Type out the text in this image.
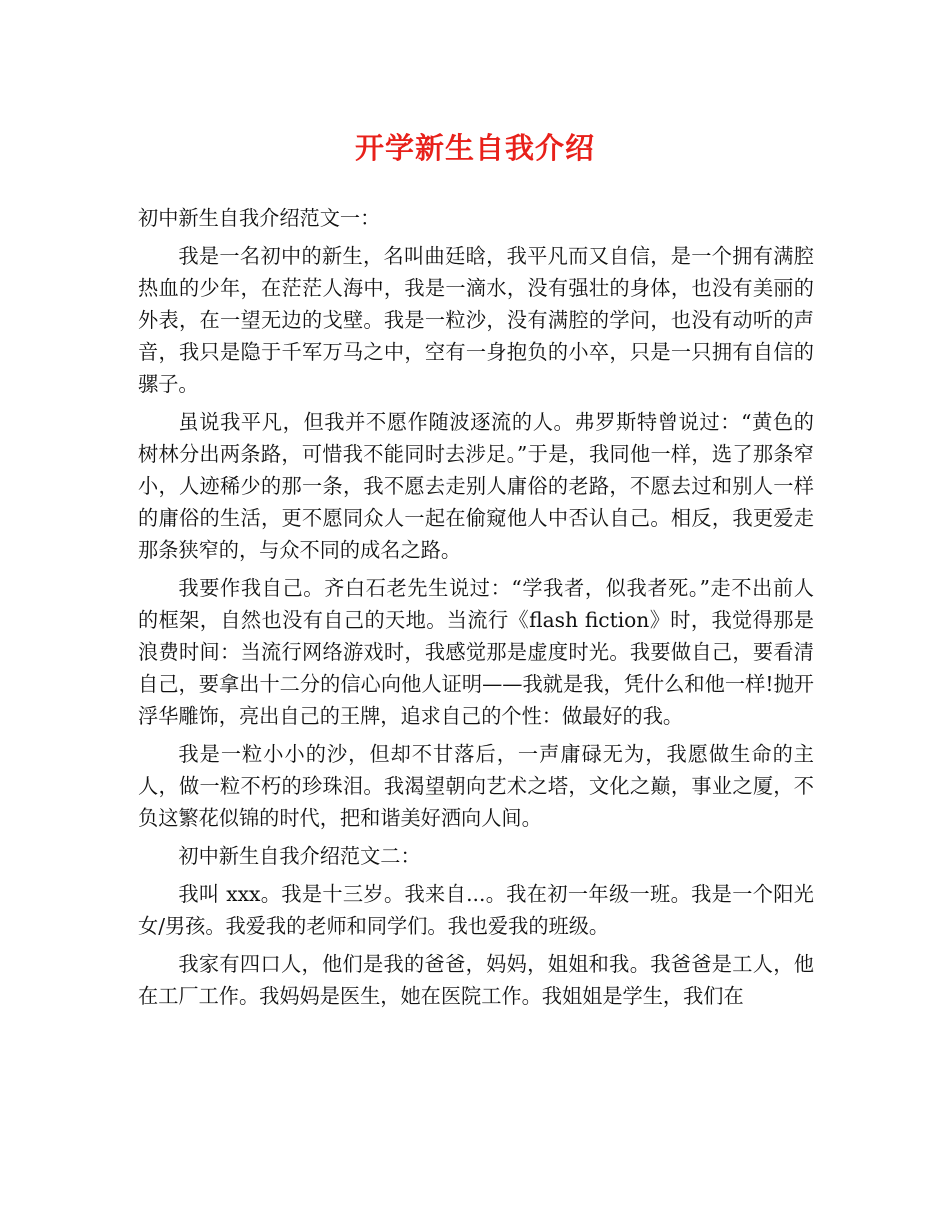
开学新生自我介绍

初中新生自我介绍范文一：

我是一名初中的新生，名叫曲廷晗，我平凡而又自信，是一个拥有满腔热血的少年，在茫茫人海中，我是一滴水，没有强壮的身体，也没有美丽的外表，在一望无边的戈壁。我是一粒沙，没有满腔的学问，也没有动听的声音，我只是隐于千军万马之中，空有一身抱负的小卒，只是一只拥有自信的骡子。

虽说我平凡，但我并不愿作随波逐流的人。弗罗斯特曾说过：“黄色的树林分出两条路，可惜我不能同时去涉足。”于是，我同他一样，选了那条窄小，人迹稀少的那一条，我不愿去走别人庸俗的老路，不愿去过和别人一样的庸俗的生活，更不愿同众人一起在偷窥他人中否认自己。相反，我更爱走那条狭窄的，与众不同的成名之路。

我要作我自己。齐白石老先生说过：“学我者，似我者死。”走不出前人的框架，自然也没有自己的天地。当流行《flash fiction》时，我觉得那是浪费时间：当流行网络游戏时，我感觉那是虚度时光。我要做自己，要看清自己，要拿出十二分的信心向他人证明——我就是我，凭什么和他一样!抛开浮华雕饰，亮出自己的王牌，追求自己的个性：做最好的我。

我是一粒小小的沙，但却不甘落后，一声庸碌无为，我愿做生命的主人，做一粒不朽的珍珠泪。我渴望朝向艺术之塔，文化之巅，事业之厦，不负这繁花似锦的时代，把和谐美好洒向人间。

初中新生自我介绍范文二：

我叫 xxx。我是十三岁。我来自...。我在初一年级一班。我是一个阳光女/男孩。我爱我的老师和同学们。我也爱我的班级。

我家有四口人，他们是我的爸爸，妈妈，姐姐和我。我爸爸是工人，他在工厂工作。我妈妈是医生，她在医院工作。我姐姐是学生，我们在
